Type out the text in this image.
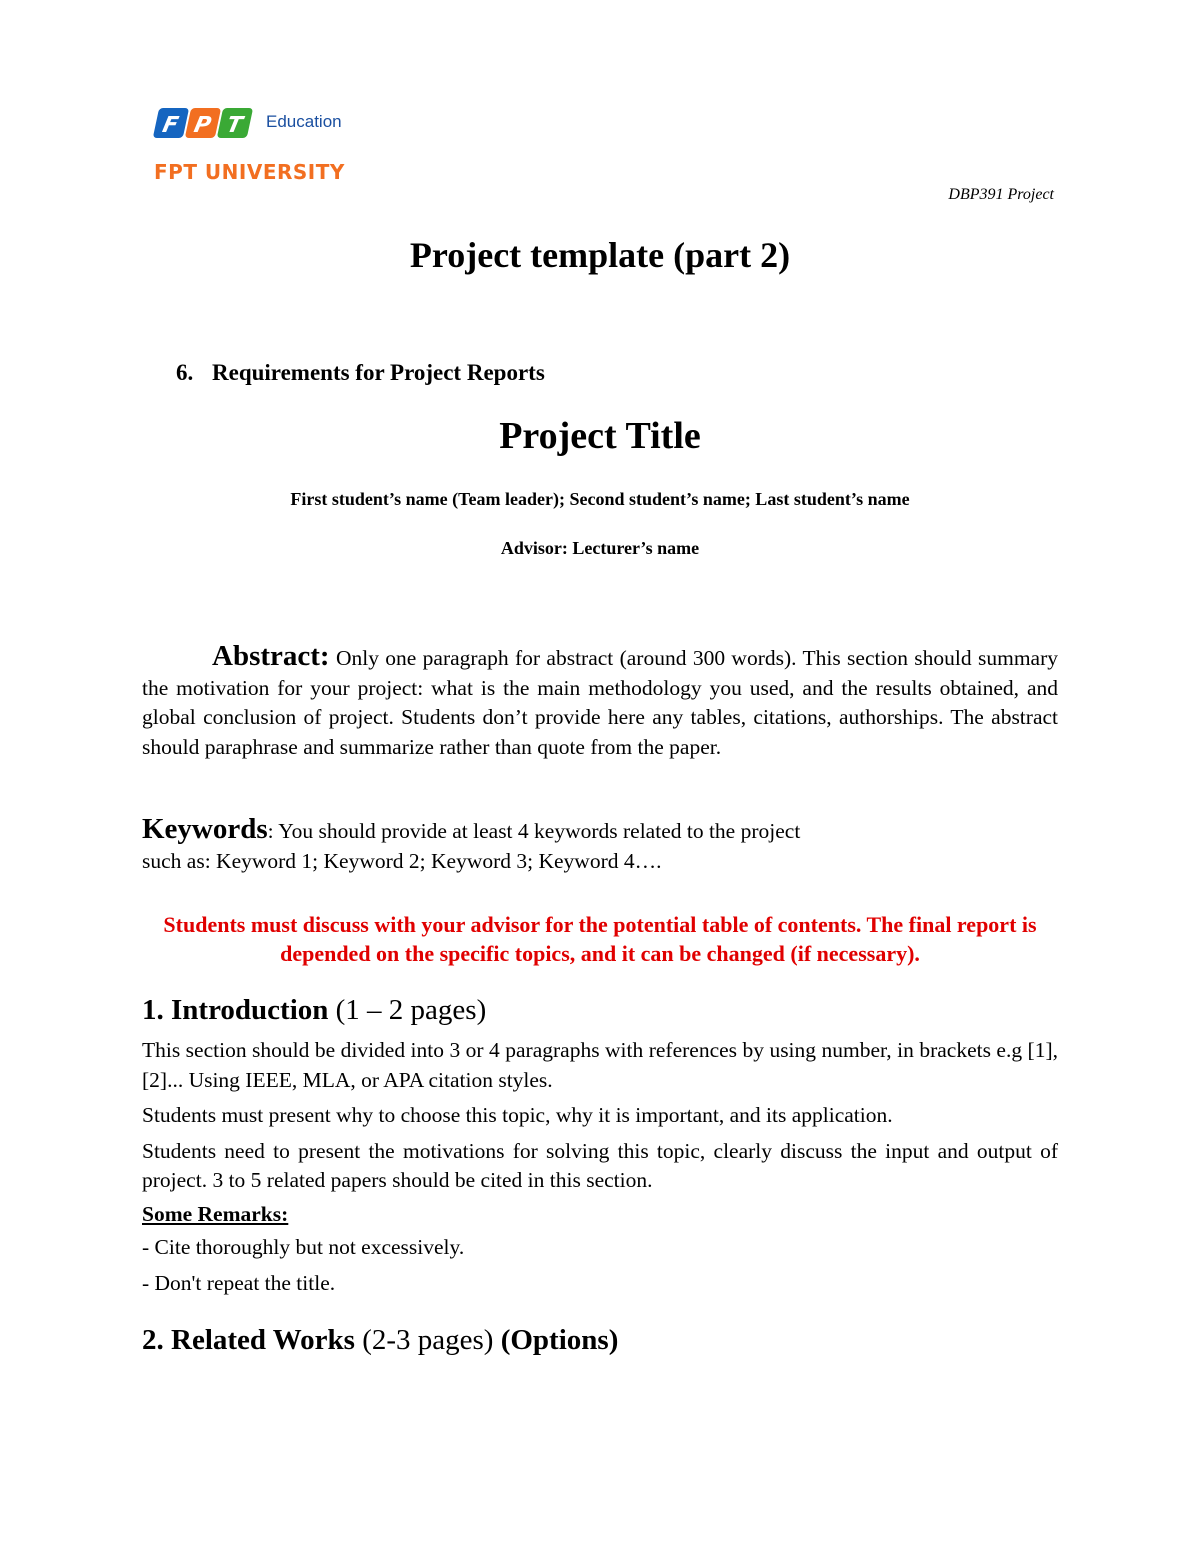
F P T Education
FPT UNIVERSITY
DBP391 Project
Project template (part 2)
6. Requirements for Project Reports
Project Title
First student’s name (Team leader); Second student’s name; Last student’s name
Advisor: Lecturer’s name
Abstract: Only one paragraph for abstract (around 300 words). This section should summary the motivation for your project: what is the main methodology you used, and the results obtained, and global conclusion of project. Students don’t provide here any tables, citations, authorships. The abstract should paraphrase and summarize rather than quote from the paper.
Keywords: You should provide at least 4 keywords related to the project
such as: Keyword 1; Keyword 2; Keyword 3; Keyword 4….
Students must discuss with your advisor for the potential table of contents. The final report is depended on the specific topics, and it can be changed (if necessary).
1. Introduction (1 – 2 pages)

This section should be divided into 3 or 4 paragraphs with references by using number, in brackets e.g [1], [2]... Using IEEE, MLA, or APA citation styles.

Students must present why to choose this topic, why it is important, and its application.

Students need to present the motivations for solving this topic, clearly discuss the input and output of project. 3 to 5 related papers should be cited in this section.

Some Remarks:

- Cite thoroughly but not excessively.

- Don't repeat the title.

2. Related Works (2-3 pages) (Options)
